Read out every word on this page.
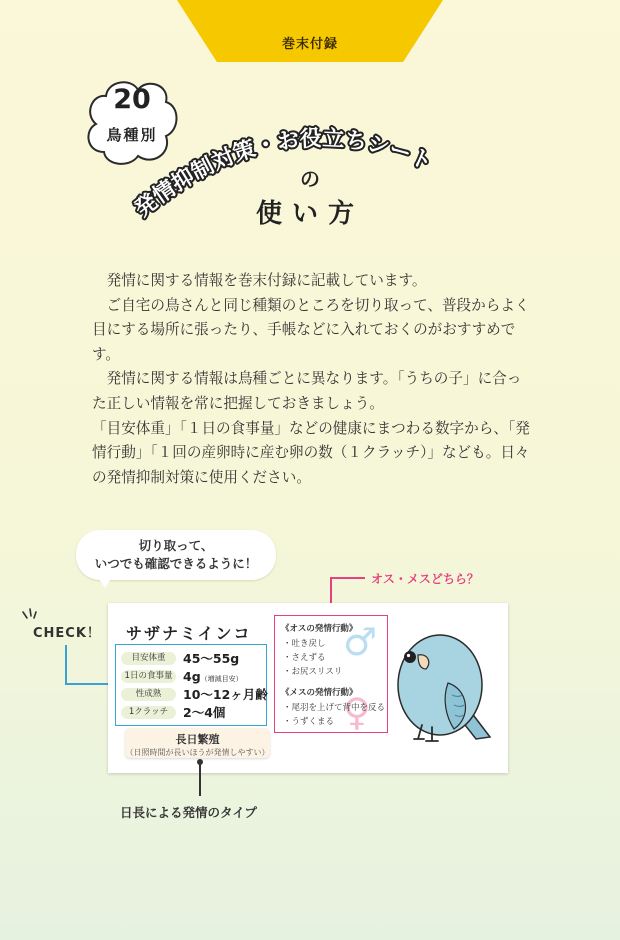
巻末付録
20
鳥種別
発情抑制対策・お役立ちシート
の
使い方

発情に関する情報を巻末付録に記載しています。

ご自宅の鳥さんと同じ種類のところを切り取って、普段からよく目にする場所に張ったり、手帳などに入れておくのがおすすめです。

発情に関する情報は鳥種ごとに異なります。「うちの子」に合った正しい情報を常に把握しておきましょう。

「目安体重」「１日の食事量」などの健康にまつわる数字から、「発情行動」「１回の産卵時に産む卵の数（１クラッチ）」なども。日々の発情抑制対策に使用ください。

切り取って、
いつでも確認できるように！
CHECK！
オス・メスどちら？
サザナミインコ
目安体重	45～55g
1日の食事量 4g（増減目安）
性成熟	10～12ヶ月齢
1クラッチ	2～4個
長日繁殖
（日照時間が長いほうが発情しやすい）
♂
♀
《オスの発情行動》
・吐き戻し
・さえずる
・お尻スリスリ
《メスの発情行動》
・尾羽を上げて背中を反る
・うずくまる
日長による発情のタイプ
